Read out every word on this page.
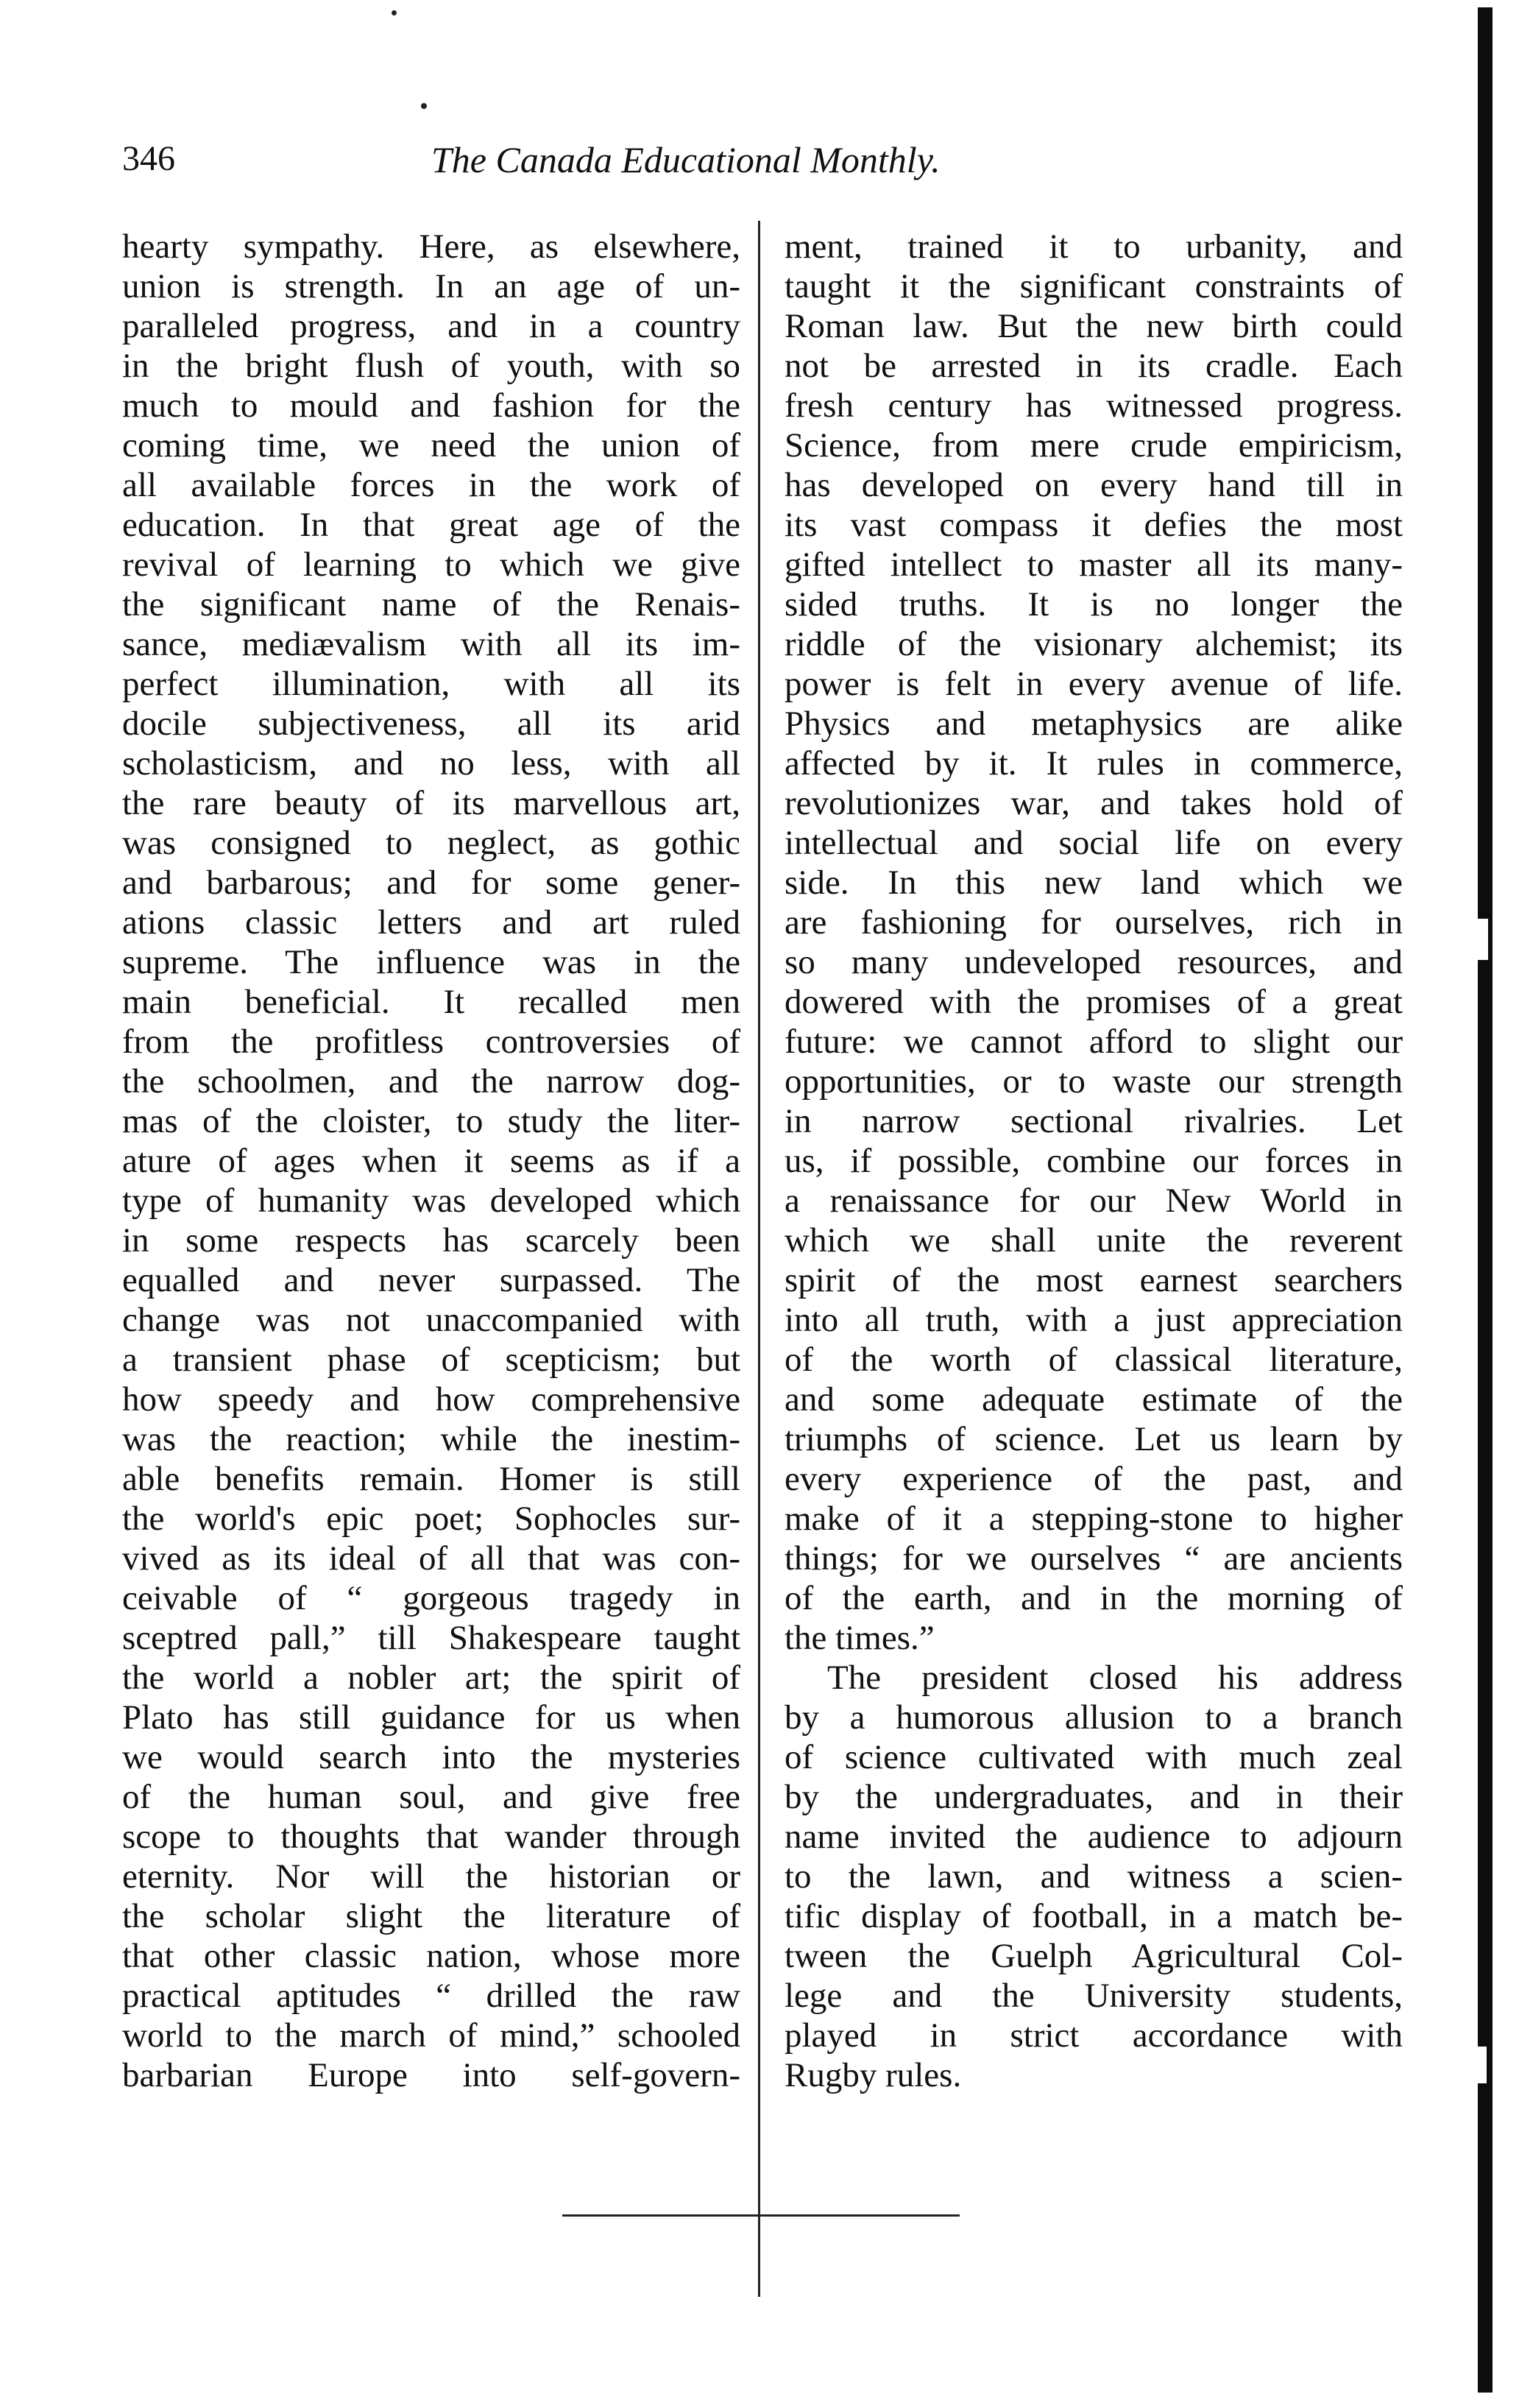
346	The Canada Educational Monthly.
hearty sympathy. Here, as elsewhere,
union is strength. In an age of un-
paralleled progress, and in a country
in the bright flush of youth, with so
much to mould and fashion for the
coming time, we need the union of
all available forces in the work of
education. In that great age of the
revival of learning to which we give
the significant name of the Renais-
sance, mediævalism with all its im-
perfect illumination, with all its
docile subjectiveness, all its arid
scholasticism, and no less, with all
the rare beauty of its marvellous art,
was consigned to neglect, as gothic
and barbarous; and for some gener-
ations classic letters and art ruled
supreme. The influence was in the
main beneficial. It recalled men
from the profitless controversies of
the schoolmen, and the narrow dog-
mas of the cloister, to study the liter-
ature of ages when it seems as if a
type of humanity was developed which
in some respects has scarcely been
equalled and never surpassed. The
change was not unaccompanied with
a transient phase of scepticism; but
how speedy and how comprehensive
was the reaction; while the inestim-
able benefits remain. Homer is still
the world's epic poet; Sophocles sur-
vived as its ideal of all that was con-
ceivable of “ gorgeous tragedy in
sceptred pall,” till Shakespeare taught
the world a nobler art; the spirit of
Plato has still guidance for us when
we would search into the mysteries
of the human soul, and give free
scope to thoughts that wander through
eternity. Nor will the historian or
the scholar slight the literature of
that other classic nation, whose more
practical aptitudes “ drilled the raw
world to the march of mind,” schooled
barbarian Europe into self-govern-
ment, trained it to urbanity, and
taught it the significant constraints of
Roman law. But the new birth could
not be arrested in its cradle. Each
fresh century has witnessed progress.
Science, from mere crude empiricism,
has developed on every hand till in
its vast compass it defies the most
gifted intellect to master all its many-
sided truths. It is no longer the
riddle of the visionary alchemist; its
power is felt in every avenue of life.
Physics and metaphysics are alike
affected by it. It rules in commerce,
revolutionizes war, and takes hold of
intellectual and social life on every
side. In this new land which we
are fashioning for ourselves, rich in
so many undeveloped resources, and
dowered with the promises of a great
future: we cannot afford to slight our
opportunities, or to waste our strength
in narrow sectional rivalries. Let
us, if possible, combine our forces in
a renaissance for our New World in
which we shall unite the reverent
spirit of the most earnest searchers
into all truth, with a just appreciation
of the worth of classical literature,
and some adequate estimate of the
triumphs of science. Let us learn by
every experience of the past, and
make of it a stepping-stone to higher
things; for we ourselves “ are ancients
of the earth, and in the morning of
the times.”
The president closed his address
by a humorous allusion to a branch
of science cultivated with much zeal
by the undergraduates, and in their
name invited the audience to adjourn
to the lawn, and witness a scien-
tific display of football, in a match be-
tween the Guelph Agricultural Col-
lege and the University students,
played in strict accordance with
Rugby rules.
